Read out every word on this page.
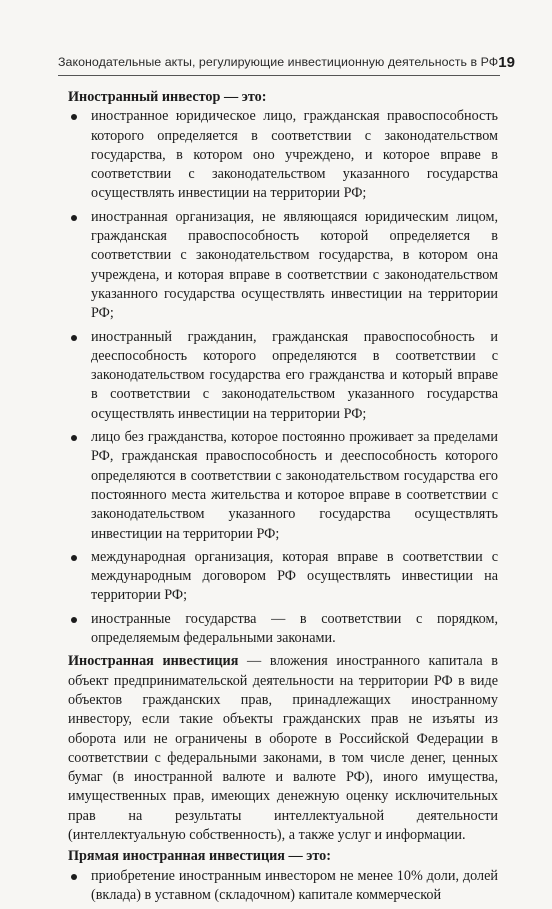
Законодательные акты, регулирующие инвестиционную деятельность в РФ 19

Иностранный инвестор — это:

иностранное юридическое лицо, гражданская правоспособность которого определяется в соответствии с законодательством государства, в котором оно учреждено, и которое вправе в соответствии с законодательством указанного государства осуществлять инвестиции на территории РФ;
иностранная организация, не являющаяся юридическим лицом, гражданская правоспособность которой определяется в соответствии с законодательством государства, в котором она учреждена, и которая вправе в соответствии с законодательством указанного государства осуществлять инвестиции на территории РФ;
иностранный гражданин, гражданская правоспособность и дееспособность которого определяются в соответствии с законодательством государства его гражданства и который вправе в соответствии с законодательством указанного государства осуществлять инвестиции на территории РФ;
лицо без гражданства, которое постоянно проживает за пределами РФ, гражданская правоспособность и дееспособность которого определяются в соответствии с законодательством государства его постоянного места жительства и которое вправе в соответствии с законодательством указанного государства осуществлять инвестиции на территории РФ;
международная организация, которая вправе в соответствии с международным договором РФ осуществлять инвестиции на территории РФ;
иностранные государства — в соответствии с порядком, определяемым федеральными законами.

Иностранная инвестиция — вложения иностранного капитала в объект предпринимательской деятельности на территории РФ в виде объектов гражданских прав, принадлежащих иностранному инвестору, если такие объекты гражданских прав не изъяты из оборота или не ограничены в обороте в Российской Федерации в соответствии с федеральными законами, в том числе денег, ценных бумаг (в иностранной валюте и валюте РФ), иного имущества, имущественных прав, имеющих денежную оценку исключительных прав на результаты интеллектуальной деятельности (интеллектуальную собственность), а также услуг и информации.

Прямая иностранная инвестиция — это:

приобретение иностранным инвестором не менее 10% доли, долей (вклада) в уставном (складочном) капитале коммерческой
